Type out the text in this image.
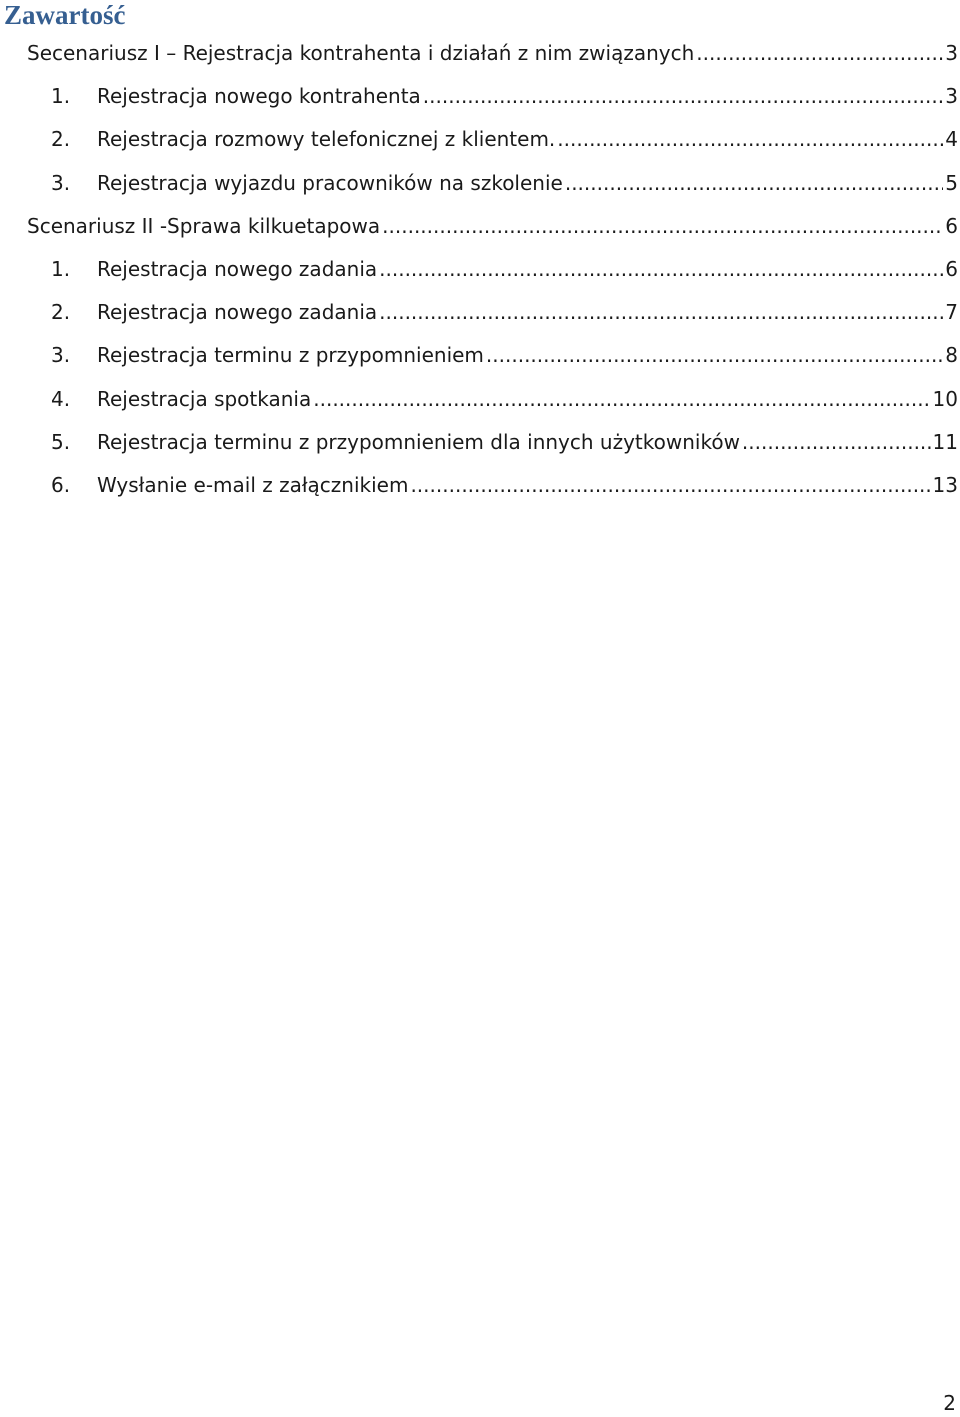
Zawartość
Secenariusz I – Rejestracja kontrahenta i działań z nim związanych .....	3
1.	Rejestracja nowego kontrahenta .....	3
2.	Rejestracja rozmowy telefonicznej z klientem. .....	4
3.	Rejestracja wyjazdu pracowników na szkolenie .....	5
Scenariusz II -Sprawa kilkuetapowa .....	6
1.	Rejestracja nowego zadania .....	6
2.	Rejestracja nowego zadania .....	7
3.	Rejestracja terminu z przypomnieniem .....	8
4.	Rejestracja spotkania .....	10
5.	Rejestracja terminu z przypomnieniem dla innych użytkowników .....	11
6.	Wysłanie e-mail z załącznikiem .....	13
2
